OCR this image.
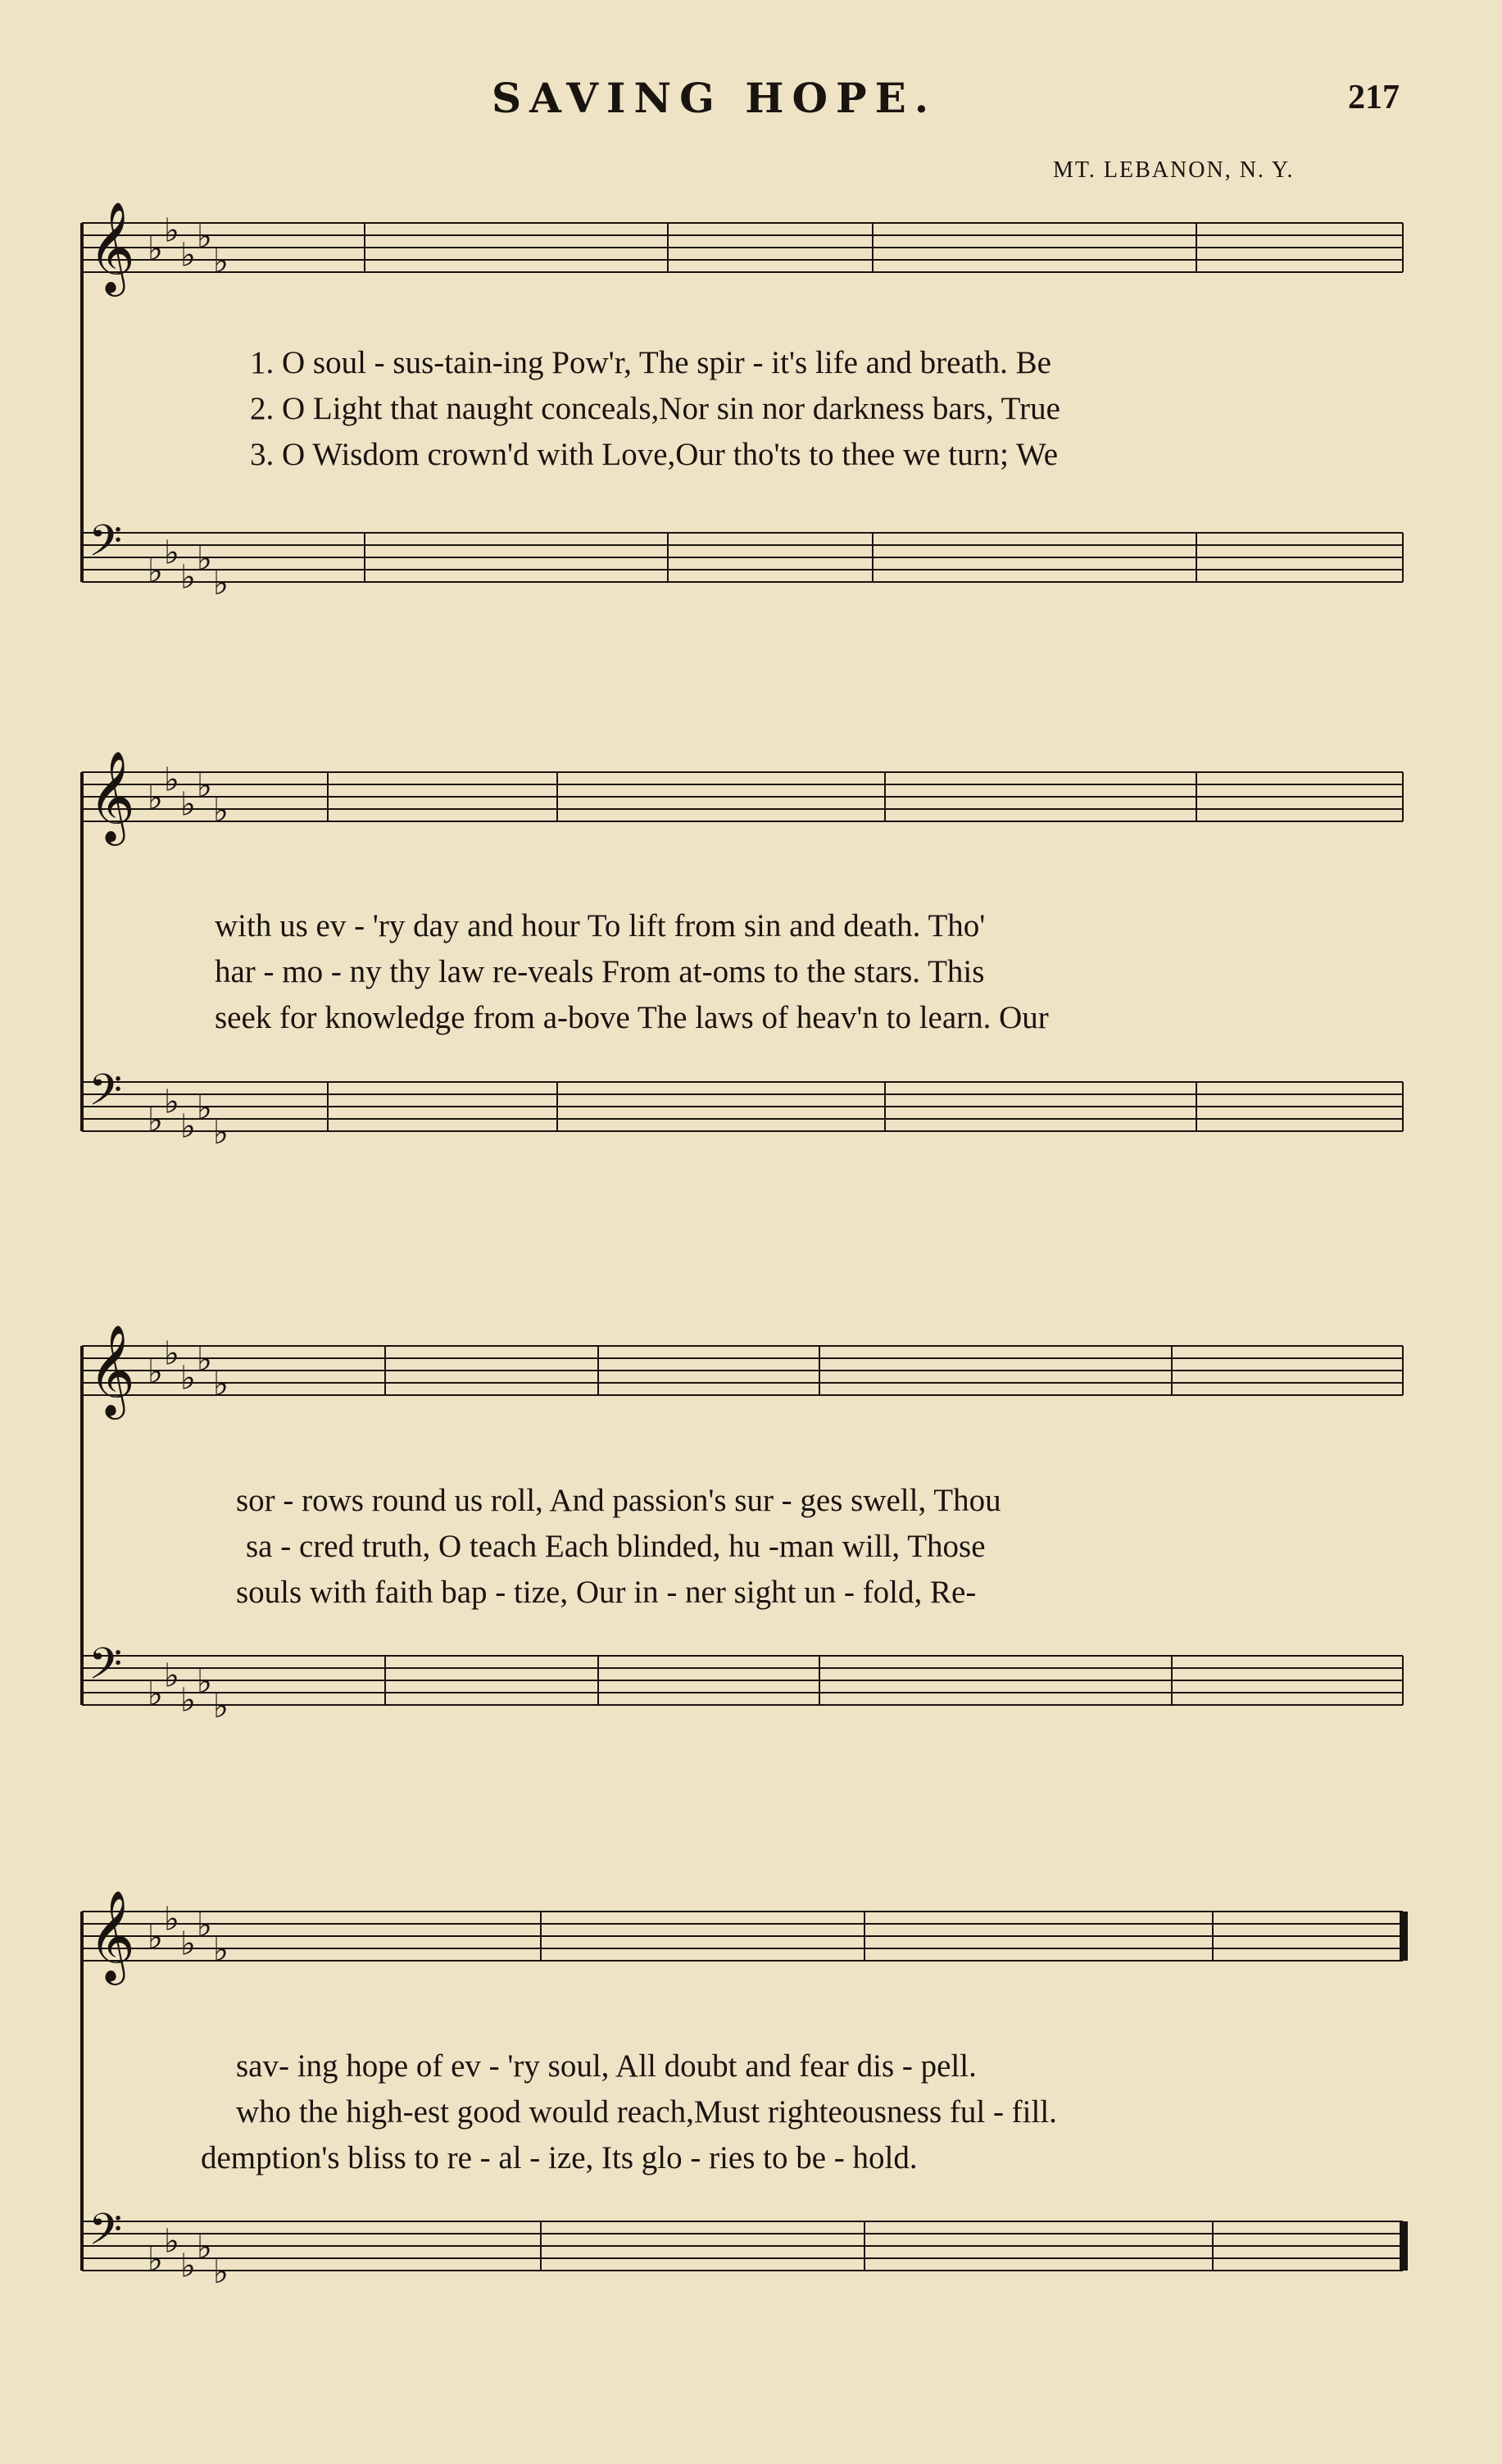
SAVING HOPE.	217
MT. LEBANON, N. Y.
𝄞 ♭ ♭
♭ ♭
♭
𝄢 ♭ ♭
♭ ♭
♭
1. O soul - sus-tain-ing Pow'r, The spir - it's life and breath. Be
2. O Light that naught conceals,Nor sin nor darkness bars, True
3. O Wisdom crown'd with Love,Our tho'ts to thee we turn; We
𝄞 ♭ ♭
♭ ♭
♭
𝄢 ♭ ♭
♭ ♭
♭
with us ev - 'ry day and hour To lift from sin and death. Tho'
har - mo - ny thy law re-veals From at-oms to the stars. This
seek for knowledge from a-bove The laws of heav'n to learn. Our
𝄞 ♭ ♭
♭ ♭
♭
𝄢 ♭ ♭
♭ ♭
♭
sor - rows round us roll, And passion's sur - ges swell, Thou
sa - cred truth, O teach Each blinded, hu -man will, Those
souls with faith bap - tize, Our in - ner sight un - fold, Re-
𝄞 ♭ ♭
♭ ♭
♭
𝄢 ♭ ♭
♭ ♭
♭
sav- ing hope of ev - 'ry soul, All doubt and fear dis - pell.
who the high-est good would reach,Must righteousness ful - fill.
demption's bliss to re - al - ize, Its glo - ries to be - hold.
